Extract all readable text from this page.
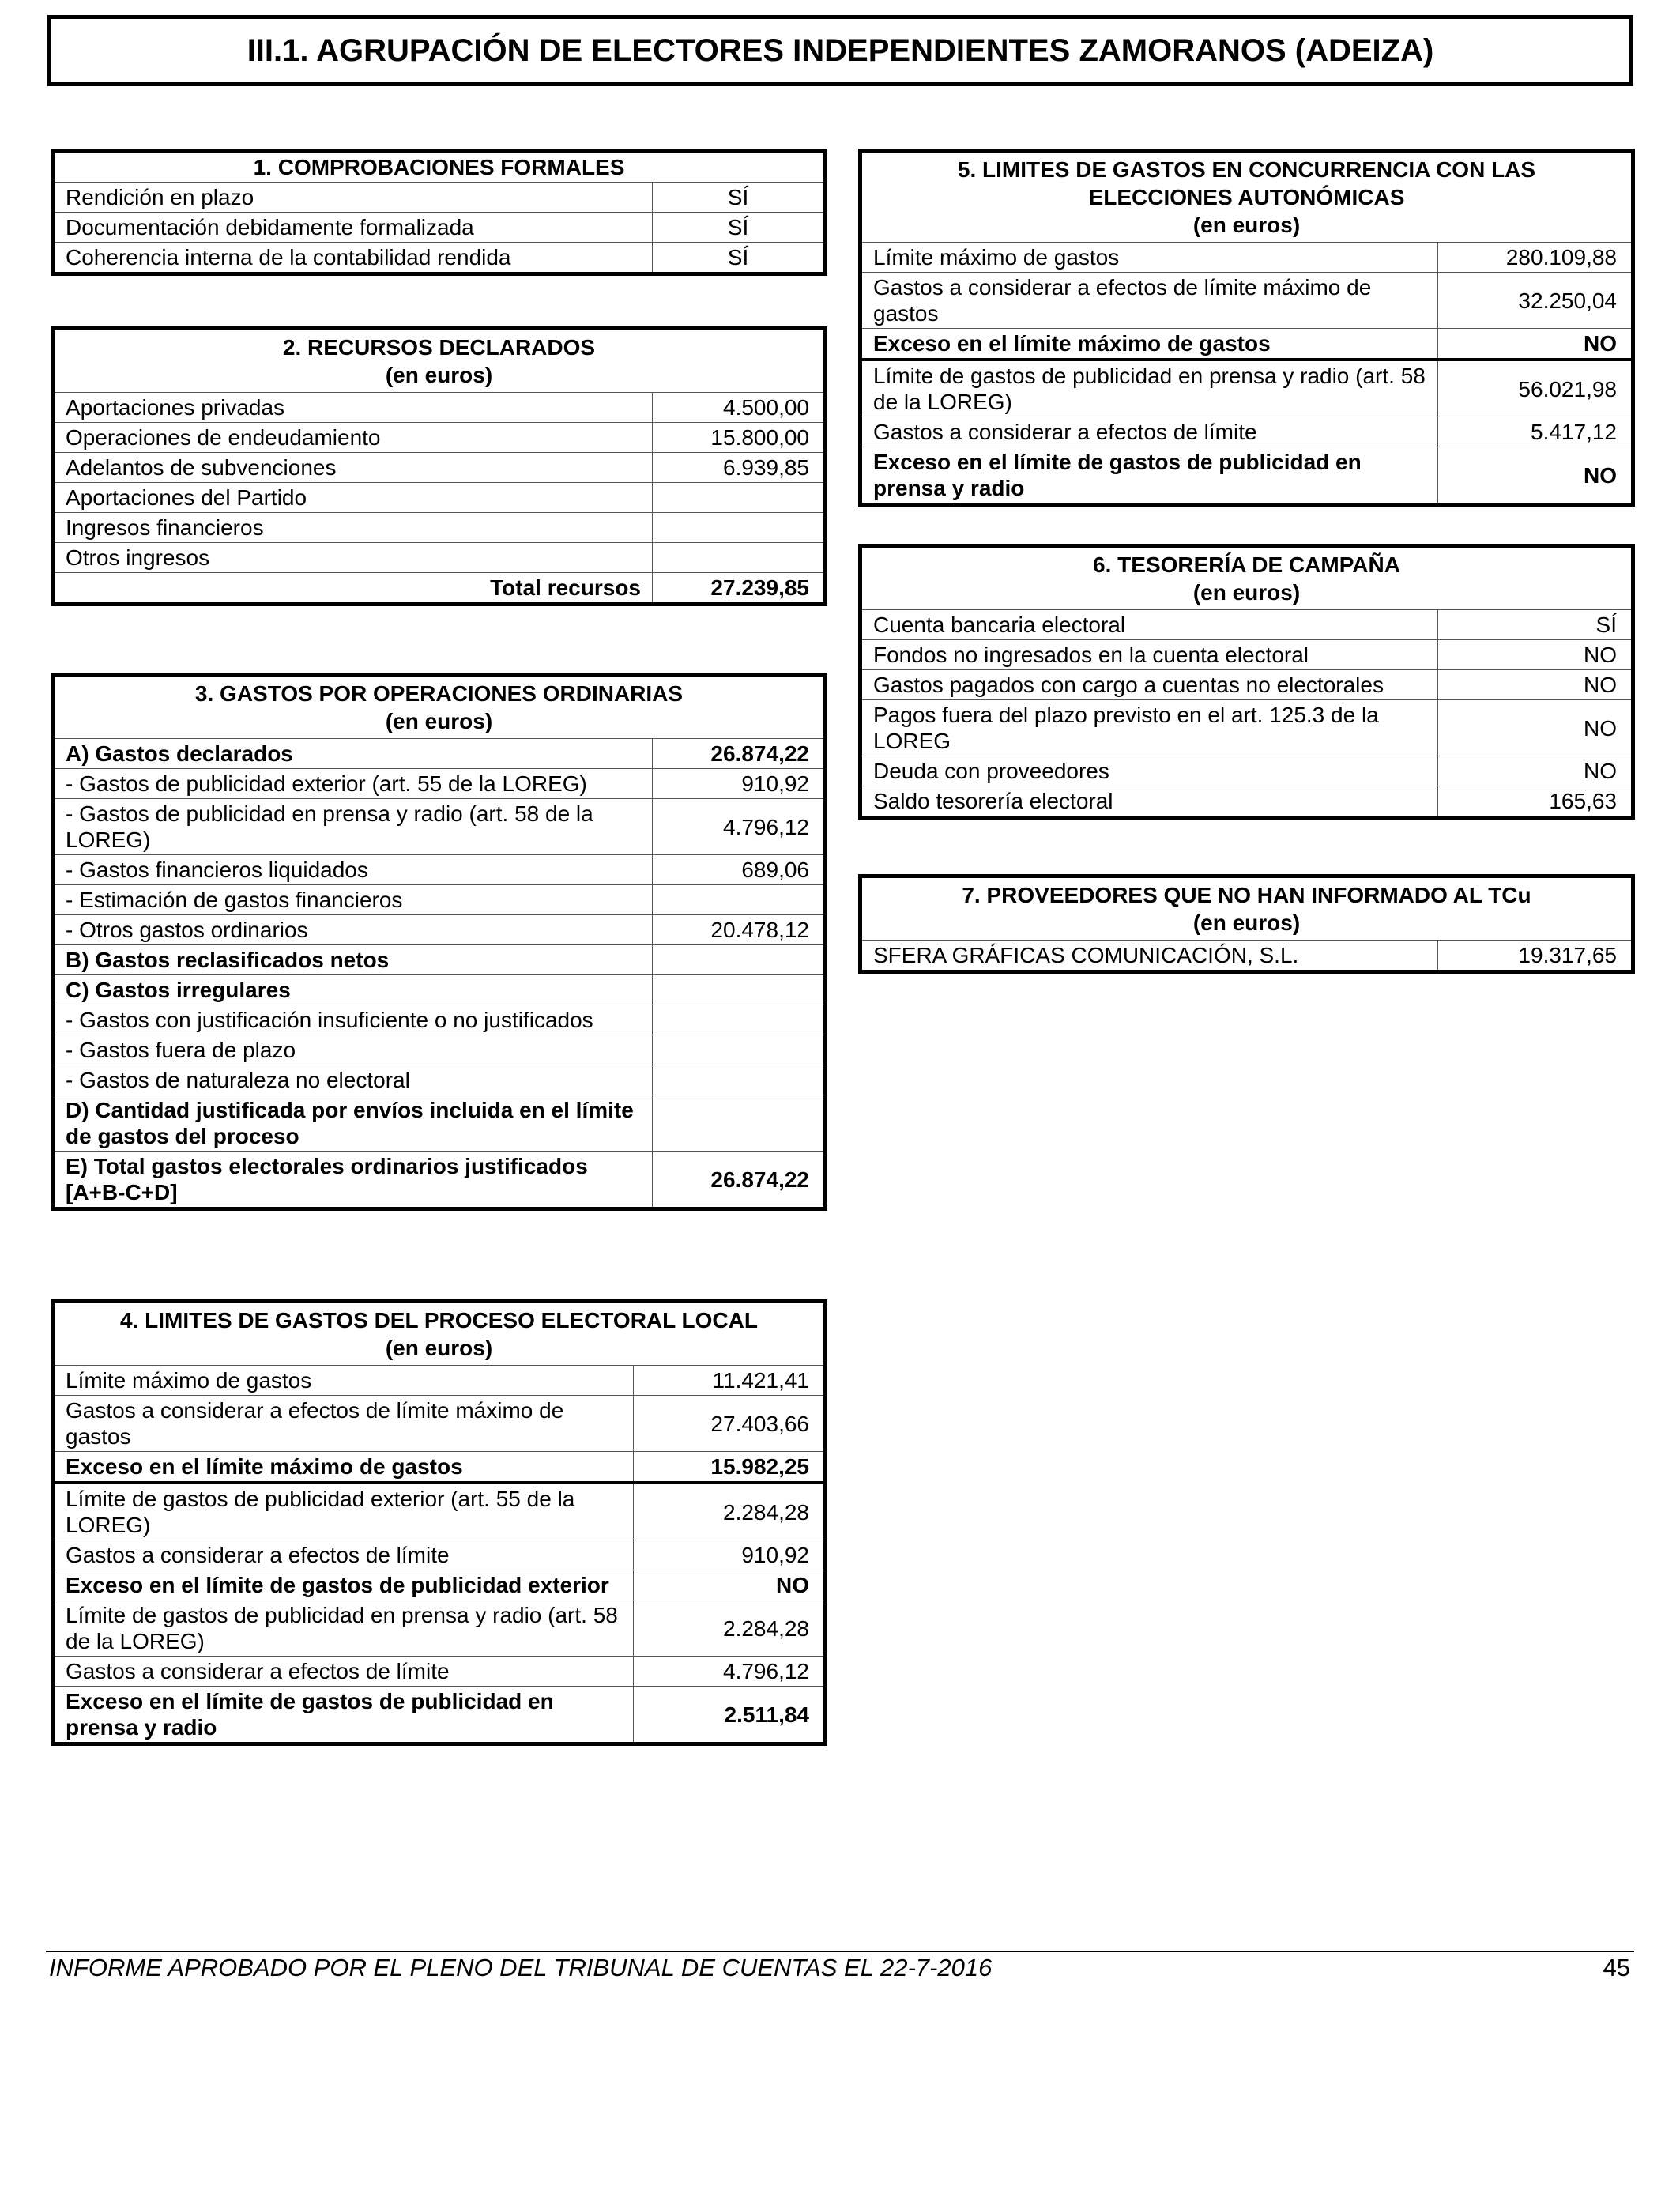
III.1. AGRUPACIÓN DE ELECTORES INDEPENDIENTES ZAMORANOS (ADEIZA)
1. COMPROBACIONES FORMALES	
Rendición en plazo	SÍ
Documentación debidamente formalizada	SÍ
Coherencia interna de la contabilidad rendida	SÍ
2. RECURSOS DECLARADOS
(en euros)	

Aportaciones privadas	4.500,00
Operaciones de endeudamiento	15.800,00
Adelantos de subvenciones	6.939,85
Aportaciones del Partido	
Ingresos financieros	
Otros ingresos	
Total recursos	27.239,85
3. GASTOS POR OPERACIONES ORDINARIAS
(en euros)	

A) Gastos declarados	26.874,22
- Gastos de publicidad exterior (art. 55 de la LOREG)	910,92
- Gastos de publicidad en prensa y radio (art. 58 de la LOREG)	4.796,12
- Gastos financieros liquidados	689,06
- Estimación de gastos financieros	
- Otros gastos ordinarios	20.478,12
B) Gastos reclasificados netos	
C) Gastos irregulares	
- Gastos con justificación insuficiente o no justificados	
- Gastos fuera de plazo	
- Gastos de naturaleza no electoral	
D) Cantidad justificada por envíos incluida en el límite de gastos del proceso	
E) Total gastos electorales ordinarios justificados [A+B-C+D]	26.874,22
4. LIMITES DE GASTOS DEL PROCESO ELECTORAL LOCAL
(en euros)	

Límite máximo de gastos	11.421,41
Gastos a considerar a efectos de límite máximo de gastos	27.403,66
Exceso en el límite máximo de gastos	15.982,25
Límite de gastos de publicidad exterior (art. 55 de la LOREG)	2.284,28
Gastos a considerar a efectos de límite	910,92
Exceso en el límite de gastos de publicidad exterior	NO
Límite de gastos de publicidad en prensa y radio (art. 58 de la LOREG)	2.284,28
Gastos a considerar a efectos de límite	4.796,12
Exceso en el límite de gastos de publicidad en prensa y radio	2.511,84
5. LIMITES DE GASTOS EN CONCURRENCIA CON LAS
ELECCIONES AUTONÓMICAS
(en euros)	

Límite máximo de gastos	280.109,88
Gastos a considerar a efectos de límite máximo de gastos	32.250,04
Exceso en el límite máximo de gastos	NO
Límite de gastos de publicidad en prensa y radio (art. 58 de la LOREG)	56.021,98
Gastos a considerar a efectos de límite	5.417,12
Exceso en el límite de gastos de publicidad en prensa y radio	NO
6. TESORERÍA DE CAMPAÑA
(en euros)	

Cuenta bancaria electoral	SÍ
Fondos no ingresados en la cuenta electoral	NO
Gastos pagados con cargo a cuentas no electorales	NO
Pagos fuera del plazo previsto en el art. 125.3 de la LOREG	NO
Deuda con proveedores	NO
Saldo tesorería electoral	165,63
7. PROVEEDORES QUE NO HAN INFORMADO AL TCu
(en euros)

SFERA GRÁFICAS COMUNICACIÓN, S.L.	19.317,65
INFORME APROBADO POR EL PLENO DEL TRIBUNAL DE CUENTAS EL 22-7-2016	45
